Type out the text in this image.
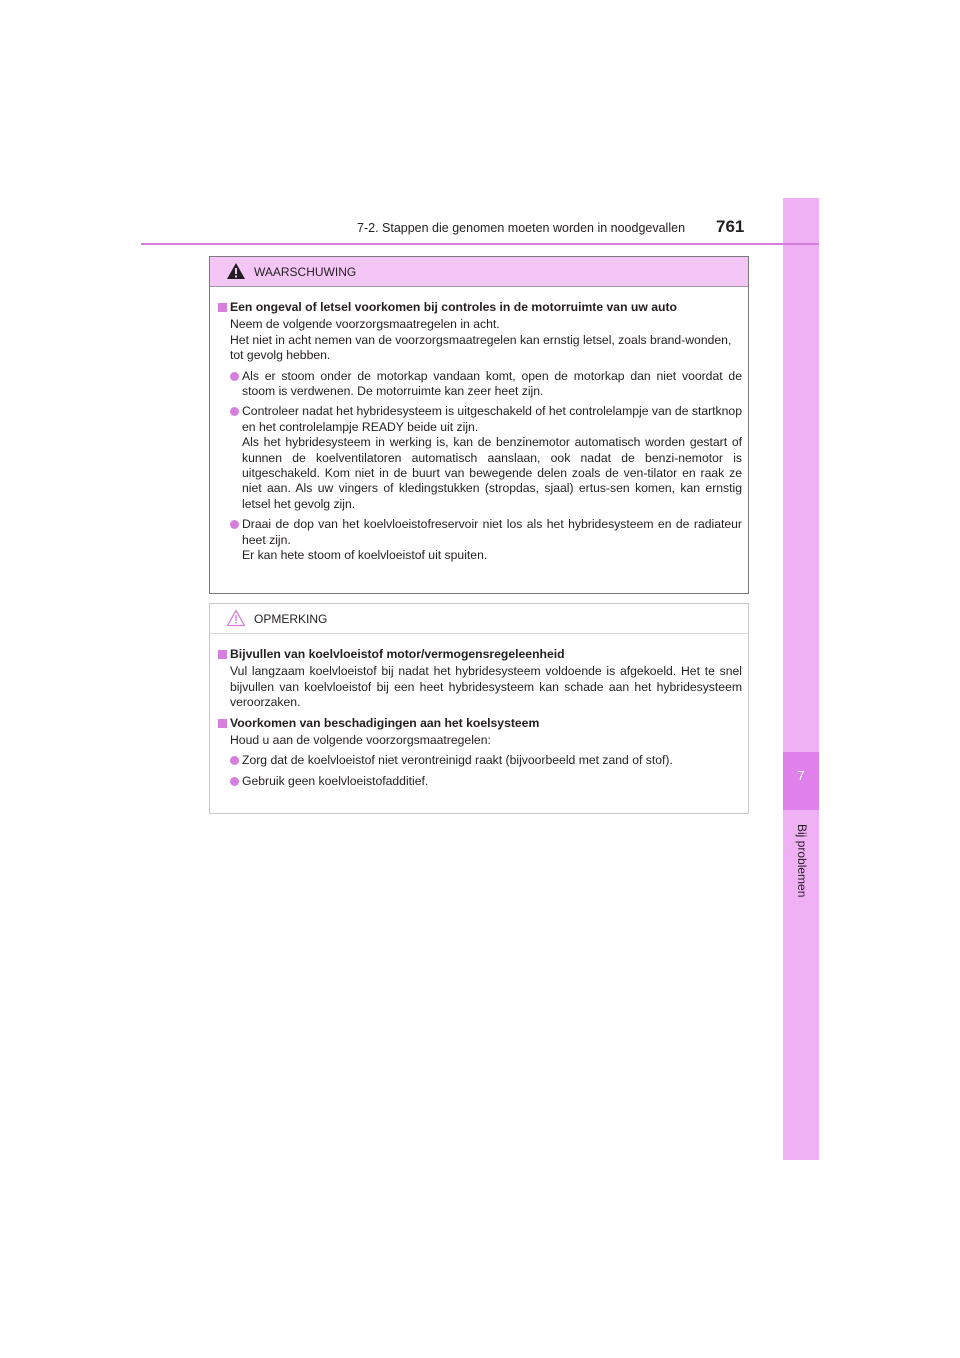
7
Bij problemen
7-2. Stappen die genomen moeten worden in noodgevallen 761
WAARSCHUWING
Een ongeval of letsel voorkomen bij controles in de motorruimte van uw auto
Neem de volgende voorzorgsmaatregelen in acht.
Het niet in acht nemen van de voorzorgsmaatregelen kan ernstig letsel, zoals brand-wonden, tot gevolg hebben.
Als er stoom onder de motorkap vandaan komt, open de motorkap dan niet voordat de stoom is verdwenen. De motorruimte kan zeer heet zijn.
Controleer nadat het hybridesysteem is uitgeschakeld of het controlelampje van de startknop en het controlelampje READY beide uit zijn.
Als het hybridesysteem in werking is, kan de benzinemotor automatisch worden gestart of kunnen de koelventilatoren automatisch aanslaan, ook nadat de benzi-nemotor is uitgeschakeld. Kom niet in de buurt van bewegende delen zoals de ven-tilator en raak ze niet aan. Als uw vingers of kledingstukken (stropdas, sjaal) ertus-sen komen, kan ernstig letsel het gevolg zijn.
Draai de dop van het koelvloeistofreservoir niet los als het hybridesysteem en de radiateur heet zijn.
Er kan hete stoom of koelvloeistof uit spuiten.
OPMERKING
Bijvullen van koelvloeistof motor/vermogensregeleenheid
Vul langzaam koelvloeistof bij nadat het hybridesysteem voldoende is afgekoeld. Het te snel bijvullen van koelvloeistof bij een heet hybridesysteem kan schade aan het hybridesysteem veroorzaken.
Voorkomen van beschadigingen aan het koelsysteem
Houd u aan de volgende voorzorgsmaatregelen:
Zorg dat de koelvloeistof niet verontreinigd raakt (bijvoorbeeld met zand of stof).
Gebruik geen koelvloeistofadditief.
